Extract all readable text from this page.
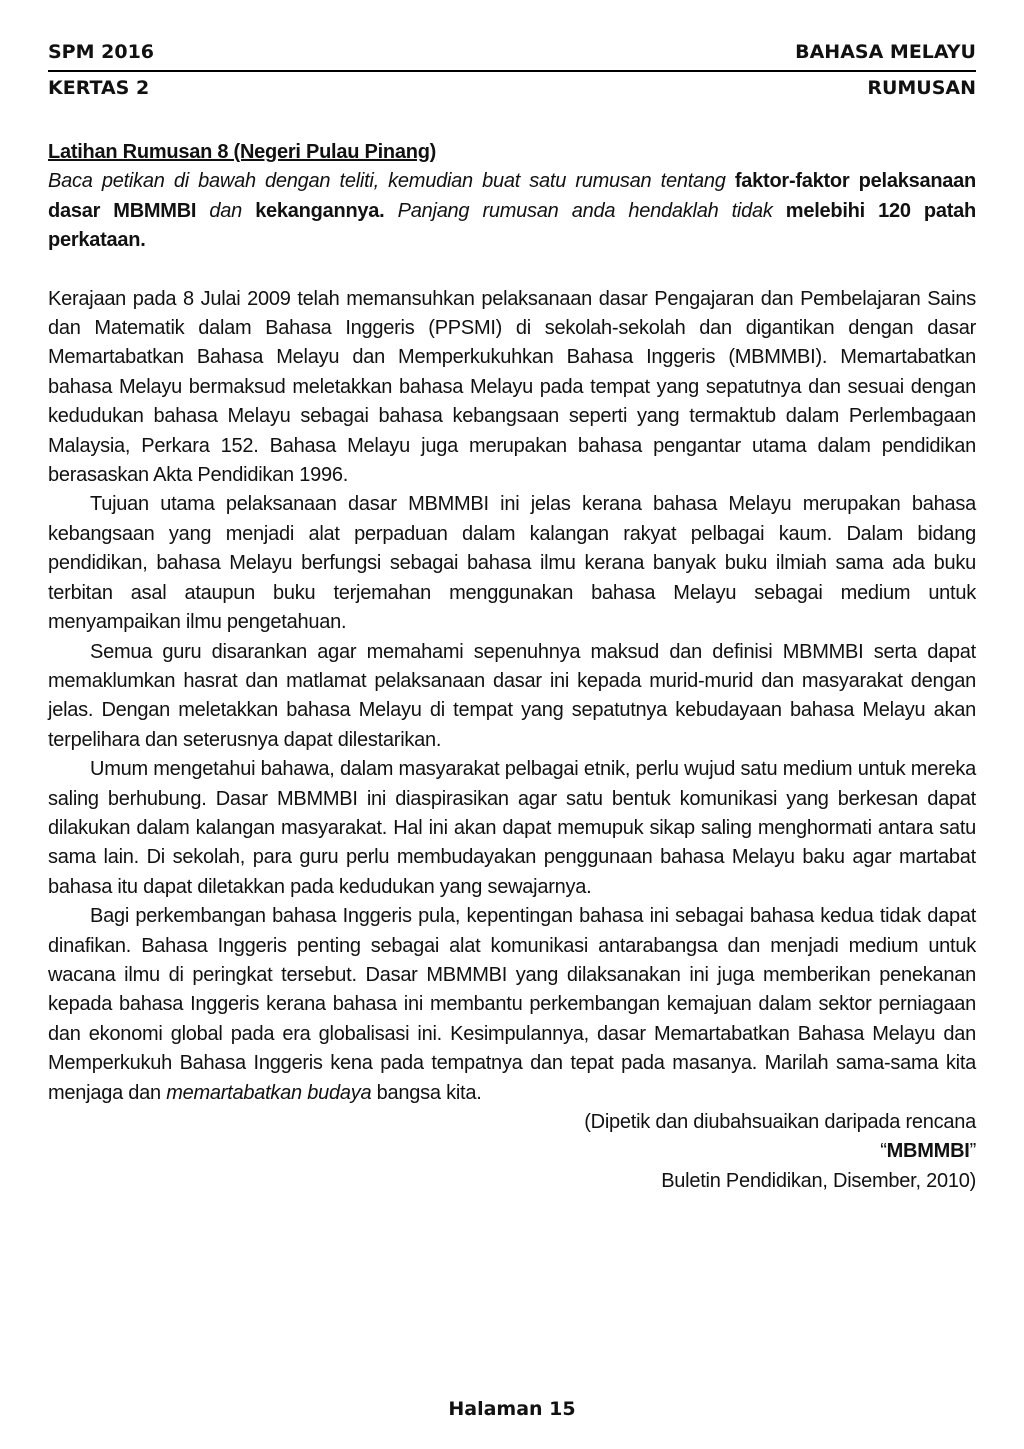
SPM 2016	BAHASA MELAYU
KERTAS 2	RUMUSAN

Latihan Rumusan 8 (Negeri Pulau Pinang)

Baca petikan di bawah dengan teliti, kemudian buat satu rumusan tentang faktor-faktor pelaksanaan dasar MBMMBI dan kekangannya. Panjang rumusan anda hendaklah tidak melebihi 120 patah perkataan.

Kerajaan pada 8 Julai 2009 telah memansuhkan pelaksanaan dasar Pengajaran dan Pembelajaran Sains dan Matematik dalam Bahasa Inggeris (PPSMI) di sekolah-sekolah dan digantikan dengan dasar Memartabatkan Bahasa Melayu dan Memperkukuhkan Bahasa Inggeris (MBMMBI). Memartabatkan bahasa Melayu bermaksud meletakkan bahasa Melayu pada tempat yang sepatutnya dan sesuai dengan kedudukan bahasa Melayu sebagai bahasa kebangsaan seperti yang termaktub dalam Perlembagaan Malaysia, Perkara 152. Bahasa Melayu juga merupakan bahasa pengantar utama dalam pendidikan berasaskan Akta Pendidikan 1996.

Tujuan utama pelaksanaan dasar MBMMBI ini jelas kerana bahasa Melayu merupakan bahasa kebangsaan yang menjadi alat perpaduan dalam kalangan rakyat pelbagai kaum. Dalam bidang pendidikan, bahasa Melayu berfungsi sebagai bahasa ilmu kerana banyak buku ilmiah sama ada buku terbitan asal ataupun buku terjemahan menggunakan bahasa Melayu sebagai medium untuk menyampaikan ilmu pengetahuan.

Semua guru disarankan agar memahami sepenuhnya maksud dan definisi MBMMBI serta dapat memaklumkan hasrat dan matlamat pelaksanaan dasar ini kepada murid-murid dan masyarakat dengan jelas. Dengan meletakkan bahasa Melayu di tempat yang sepatutnya kebudayaan bahasa Melayu akan terpelihara dan seterusnya dapat dilestarikan.

Umum mengetahui bahawa, dalam masyarakat pelbagai etnik, perlu wujud satu medium untuk mereka saling berhubung. Dasar MBMMBI ini diaspirasikan agar satu bentuk komunikasi yang berkesan dapat dilakukan dalam kalangan masyarakat. Hal ini akan dapat memupuk sikap saling menghormati antara satu sama lain. Di sekolah, para guru perlu membudayakan penggunaan bahasa Melayu baku agar martabat bahasa itu dapat diletakkan pada kedudukan yang sewajarnya.

Bagi perkembangan bahasa Inggeris pula, kepentingan bahasa ini sebagai bahasa kedua tidak dapat dinafikan. Bahasa Inggeris penting sebagai alat komunikasi antarabangsa dan menjadi medium untuk wacana ilmu di peringkat tersebut. Dasar MBMMBI yang dilaksanakan ini juga memberikan penekanan kepada bahasa Inggeris kerana bahasa ini membantu perkembangan kemajuan dalam sektor perniagaan dan ekonomi global pada era globalisasi ini. Kesimpulannya, dasar Memartabatkan Bahasa Melayu dan Memperkukuh Bahasa Inggeris kena pada tempatnya dan tepat pada masanya. Marilah sama-sama kita menjaga dan memartabatkan budaya bangsa kita.

(Dipetik dan diubahsuaikan daripada rencana
“MBMMBI”
Buletin Pendidikan, Disember, 2010)
Halaman 15
